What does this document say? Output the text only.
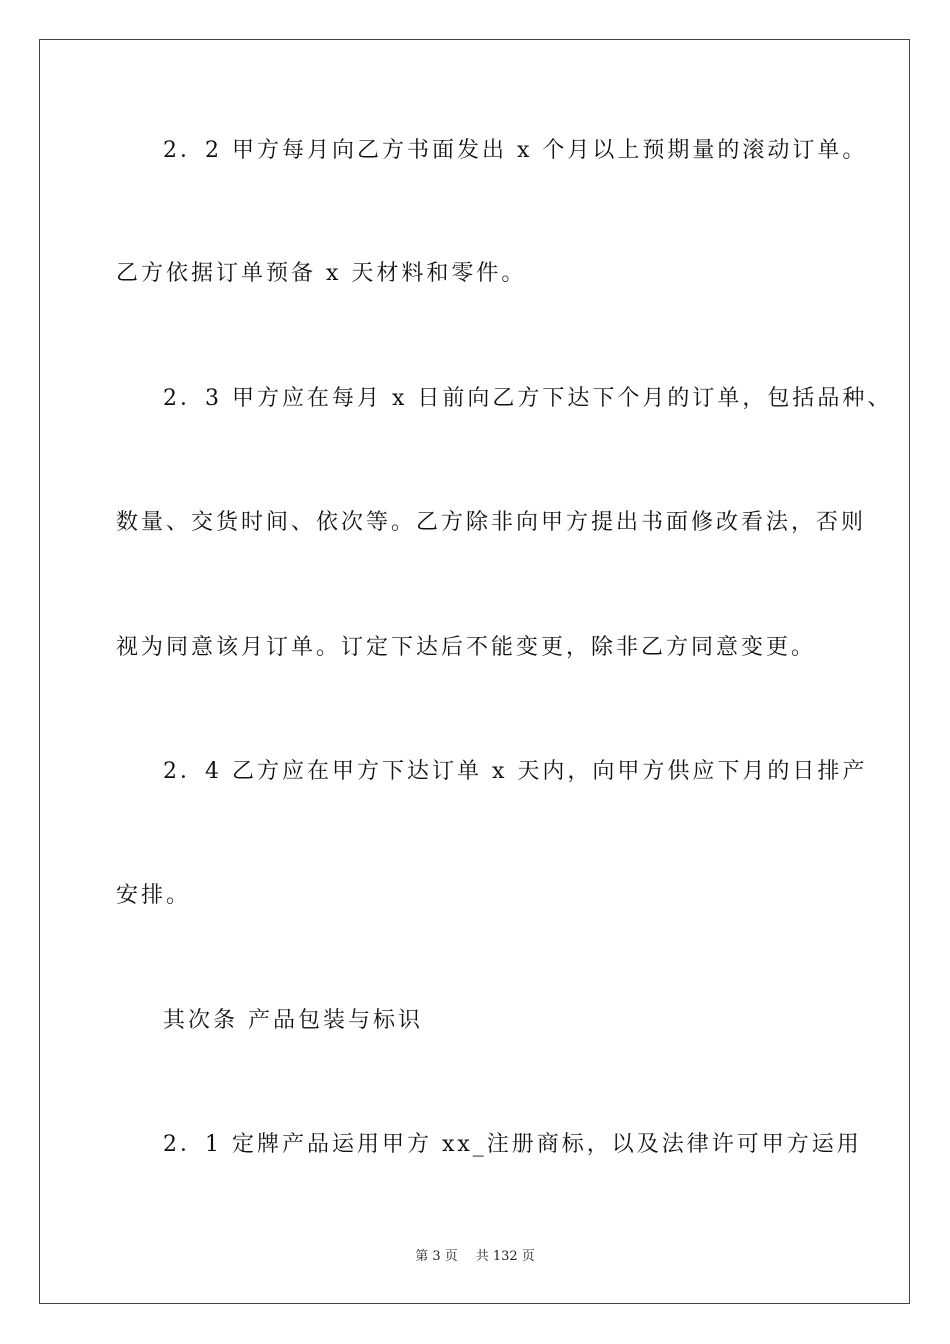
2．2 甲方每月向乙方书面发出 x 个月以上预期量的滚动订单。
乙方依据订单预备 x 天材料和零件。
2．3 甲方应在每月 x 日前向乙方下达下个月的订单，包括品种、
数量、交货时间、依次等。乙方除非向甲方提出书面修改看法，否则
视为同意该月订单。订定下达后不能变更，除非乙方同意变更。
2．4 乙方应在甲方下达订单 x 天内，向甲方供应下月的日排产
安排。
其次条 产品包装与标识
2．1 定牌产品运用甲方 xx_注册商标，以及法律许可甲方运用
第 3 页 共 132 页
